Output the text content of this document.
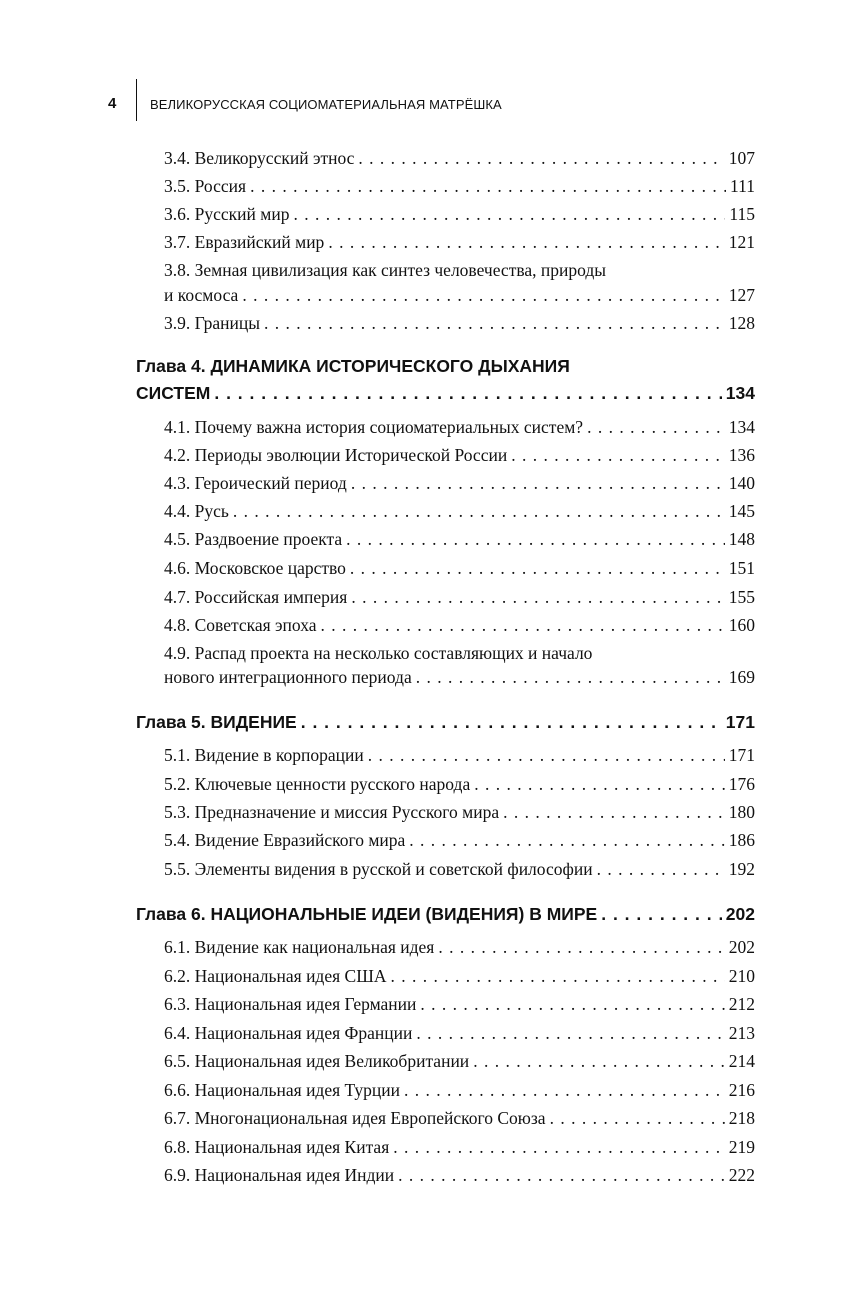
4	ВЕЛИКОРУССКАЯ СОЦИОМАТЕРИАЛЬНАЯ МАТРЁШКА
3.4. Великорусский этнос . . .	107
3.5. Россия . . .	111
3.6. Русский мир . . .	115
3.7. Евразийский мир . . .	121
3.8. Земная цивилизация как синтез человечества, природы
и космоса . . .	127
3.9. Границы . . .	128
Глава 4. ДИНАМИКА ИСТОРИЧЕСКОГО ДЫХАНИЯ
СИСТЕМ . . .	134
4.1. Почему важна история социоматериальных систем? . . .	134
4.2. Периоды эволюции Исторической России . . .	136
4.3. Героический период . . .	140
4.4. Русь . . .	145
4.5. Раздвоение проекта . . .	148
4.6. Московское царство . . .	151
4.7. Российская империя . . .	155
4.8. Советская эпоха . . .	160
4.9. Распад проекта на несколько составляющих и начало
нового интеграционного периода . . .	169
Глава 5. ВИДЕНИЕ . . .	171
5.1. Видение в корпорации . . .	171
5.2. Ключевые ценности русского народа . . .	176
5.3. Предназначение и миссия Русского мира . . .	180
5.4. Видение Евразийского мира . . .	186
5.5. Элементы видения в русской и советской философии . . .	192
Глава 6. НАЦИОНАЛЬНЫЕ ИДЕИ (ВИДЕНИЯ) В МИРЕ . . .	202
6.1. Видение как национальная идея . . .	202
6.2. Национальная идея США . . .	210
6.3. Национальная идея Германии . . .	212
6.4. Национальная идея Франции . . .	213
6.5. Национальная идея Великобритании . . .	214
6.6. Национальная идея Турции . . .	216
6.7. Многонациональная идея Европейского Союза . . .	218
6.8. Национальная идея Китая . . .	219
6.9. Национальная идея Индии . . .	222
